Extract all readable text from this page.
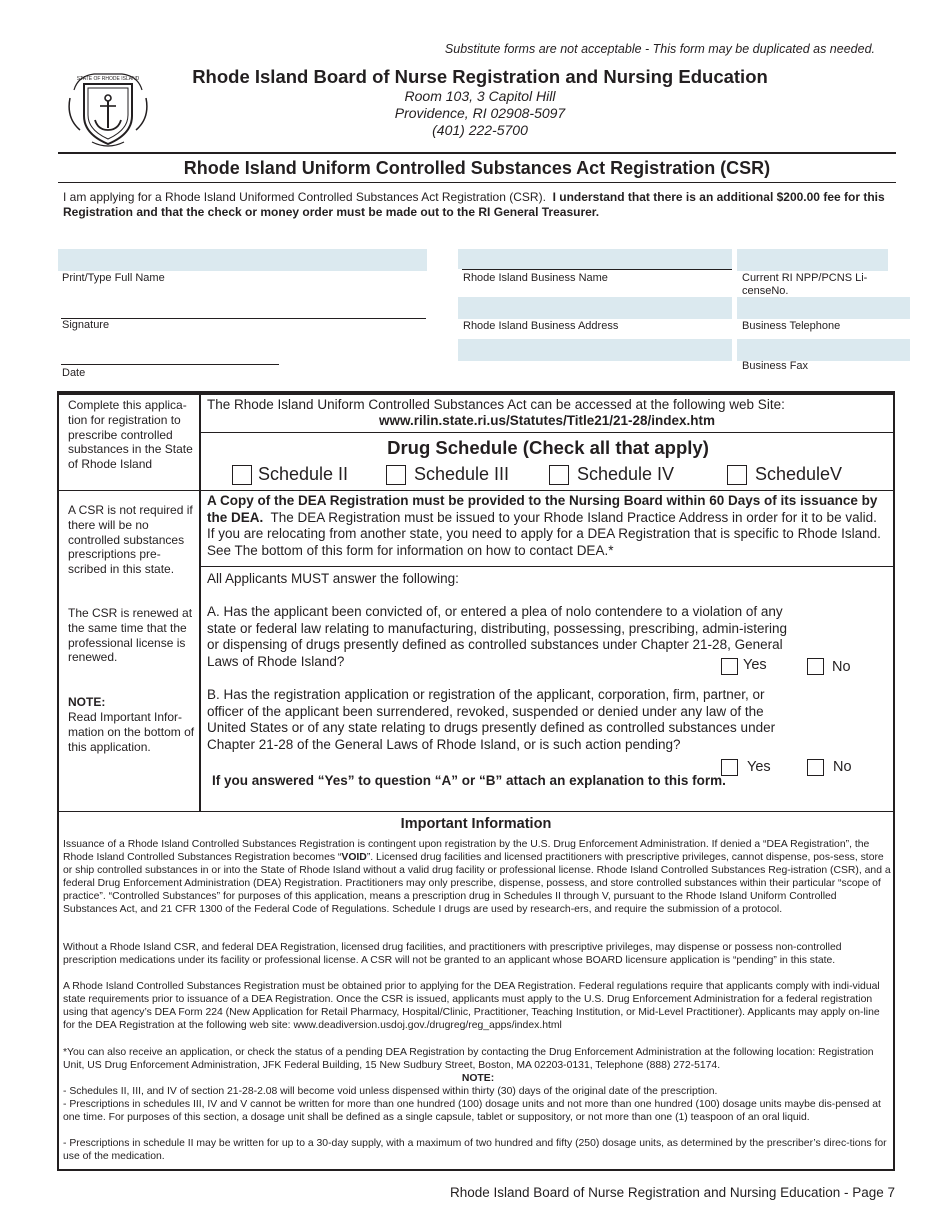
Substitute forms are not acceptable - This form may be duplicated as needed.
STATE OF RHODE ISLAND	Rhode Island Board of Nurse Registration and Nursing Education
Room 103, 3 Capitol Hill
Providence, RI 02908-5097
(401) 222-5700
Rhode Island Uniform Controlled Substances Act Registration (CSR)
I am applying for a Rhode Island Uniformed Controlled Substances Act Registration (CSR). I understand that there is an additional $200.00 fee for this Registration and that the check or money order must be made out to the RI General Treasurer.
Print/Type Full Name
Signature
Date
Rhode Island Business Name
Rhode Island Business Address
Current RI NPP/PCNS Li-censeNo.
Business Telephone
Business Fax
Complete this applica-tion for registration to prescribe controlled substances in the State of Rhode Island
A CSR is not required if there will be no controlled substances prescriptions pre-scribed in this state.
The CSR is renewed at the same time that the professional license is renewed.
NOTE:
Read Important Infor-mation on the bottom of this application.
The Rhode Island Uniform Controlled Substances Act can be accessed at the following web Site:
www.rilin.state.ri.us/Statutes/Title21/21-28/index.htm
Drug Schedule (Check all that apply)
Schedule II	Schedule III	Schedule IV	ScheduleV
A Copy of the DEA Registration must be provided to the Nursing Board within 60 Days of its issuance by the DEA. The DEA Registration must be issued to your Rhode Island Practice Address in order for it to be valid. If you are relocating from another state, you need to apply for a DEA Registration that is specific to Rhode Island. See The bottom of this form for information on how to contact DEA.*
All Applicants MUST answer the following:
A. Has the applicant been convicted of, or entered a plea of nolo contendere to a violation of any state or federal law relating to manufacturing, distributing, possessing, prescribing, admin-istering or dispensing of drugs presently defined as controlled substances under Chapter 21-28, General Laws of Rhode Island?	Yes	No
B. Has the registration application or registration of the applicant, corporation, firm, partner, or officer of the applicant been surrendered, revoked, suspended or denied under any law of the United States or of any state relating to drugs presently defined as controlled substances under Chapter 21-28 of the General Laws of Rhode Island, or is such action pending?
Yes	No
If you answered “Yes” to question “A” or “B” attach an explanation to this form.
Important Information
Issuance of a Rhode Island Controlled Substances Registration is contingent upon registration by the U.S. Drug Enforcement Administration. If denied a “DEA Registration”, the Rhode Island Controlled Substances Registration becomes “VOID”. Licensed drug facilities and licensed practitioners with prescriptive privileges, cannot dispense, pos-sess, store or ship controlled substances in or into the State of Rhode Island without a valid drug facility or professional license. Rhode Island Controlled Substances Reg-istration (CSR), and a federal Drug Enforcement Administration (DEA) Registration. Practitioners may only prescribe, dispense, possess, and store controlled substances within their particular “scope of practice”. “Controlled Substances” for purposes of this application, means a prescription drug in Schedules II through V, pursuant to the Rhode Island Uniform Controlled Substances Act, and 21 CFR 1300 of the Federal Code of Regulations. Schedule I drugs are used by research-ers, and require the submission of a protocol.
Without a Rhode Island CSR, and federal DEA Registration, licensed drug facilities, and practitioners with prescriptive privileges, may dispense or possess non-controlled prescription medications under its facility or professional license. A CSR will not be granted to an applicant whose BOARD licensure application is “pending” in this state.
A Rhode Island Controlled Substances Registration must be obtained prior to applying for the DEA Registration. Federal regulations require that applicants comply with indi-vidual state requirements prior to issuance of a DEA Registration. Once the CSR is issued, applicants must apply to the U.S. Drug Enforcement Administration for a federal registration using that agency’s DEA Form 224 (New Application for Retail Pharmacy, Hospital/Clinic, Practitioner, Teaching Institution, or Mid-Level Practitioner). Applicants may apply on-line for the DEA Registration at the following web site: www.deadiversion.usdoj.gov./drugreg/reg_apps/index.html
*You can also receive an application, or check the status of a pending DEA Registration by contacting the Drug Enforcement Administration at the following location: Registration Unit, US Drug Enforcement Administration, JFK Federal Building, 15 New Sudbury Street, Boston, MA 02203-0131, Telephone (888) 272-5174.
NOTE:
- Schedules II, III, and IV of section 21-28-2.08 will become void unless dispensed within thirty (30) days of the original date of the prescription.
- Prescriptions in schedules III, IV and V cannot be written for more than one hundred (100) dosage units and not more than one hundred (100) dosage units maybe dis-pensed at one time. For purposes of this section, a dosage unit shall be defined as a single capsule, tablet or suppository, or not more than one (1) teaspoon of an oral liquid.
- Prescriptions in schedule II may be written for up to a 30-day supply, with a maximum of two hundred and fifty (250) dosage units, as determined by the prescriber’s direc-tions for use of the medication.
Rhode Island Board of Nurse Registration and Nursing Education - Page 7
